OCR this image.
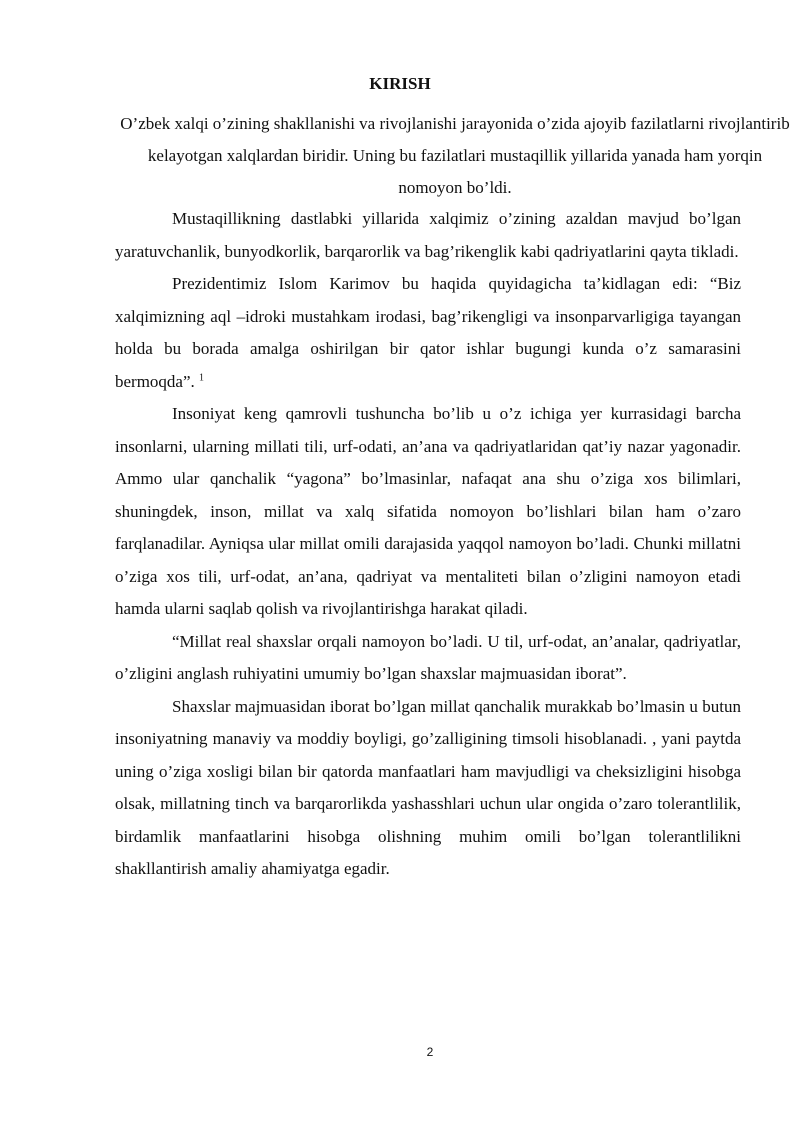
KIRISH

O’zbek xalqi o’zining shakllanishi va rivojlanishi jarayonida o’zida ajoyib fazilatlarni rivojlantirib kelayotgan xalqlardan biridir. Uning bu fazilatlari mustaqillik yillarida yanada ham yorqin nomoyon bo’ldi.

Mustaqillikning dastlabki yillarida xalqimiz o’zining azaldan mavjud bo’lgan yaratuvchanlik, bunyodkorlik, barqarorlik va bag’rikenglik kabi qadriyatlarini qayta tikladi.

Prezidentimiz Islom Karimov bu haqida quyidagicha ta’kidlagan edi: “Biz xalqimizning aql –idroki mustahkam irodasi, bag’rikengligi va insonparvarligiga tayangan holda bu borada amalga oshirilgan bir qator ishlar bugungi kunda o’z samarasini bermoqda”. $^1$

Insoniyat keng qamrovli tushuncha bo’lib u o’z ichiga yer kurrasidagi barcha insonlarni, ularning millati tili, urf-odati, an’ana va qadriyatlaridan qat’iy nazar yagonadir. Ammo ular qanchalik “yagona” bo’lmasinlar, nafaqat ana shu o’ziga xos bilimlari, shuningdek, inson, millat va xalq sifatida nomoyon bo’lishlari bilan ham o’zaro farqlanadilar. Ayniqsa ular millat omili darajasida yaqqol namoyon bo’ladi. Chunki millatni o’ziga xos tili, urf-odat, an’ana, qadriyat va mentaliteti bilan o’zligini namoyon etadi hamda ularni saqlab qolish va rivojlantirishga harakat qiladi.

“Millat real shaxslar orqali namoyon bo’ladi. U til, urf-odat, an’analar, qadriyatlar, o’zligini anglash ruhiyatini umumiy bo’lgan shaxslar majmuasidan iborat”.

Shaxslar majmuasidan iborat bo’lgan millat qanchalik murakkab bo’lmasin u butun insoniyatning manaviy va moddiy boyligi, go’zalligining timsoli hisoblanadi. , yani paytda uning o’ziga xosligi bilan bir qatorda manfaatlari ham mavjudligi va cheksizligini hisobga olsak, millatning tinch va barqarorlikda yashasshlari uchun ular ongida o’zaro tolerantlilik, birdamlik manfaatlarini hisobga olishning muhim omili bo’lgan tolerantlilikni shakllantirish amaliy ahamiyatga egadir.

2
